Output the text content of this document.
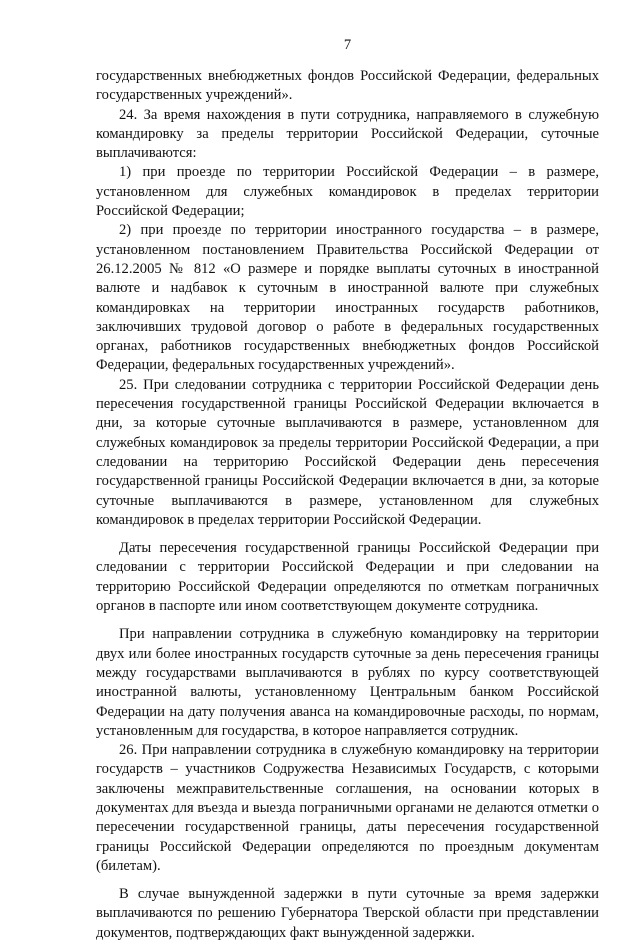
7

государственных внебюджетных фондов Российской Федерации, федеральных государственных учреждений».

24. За время нахождения в пути сотрудника, направляемого в служебную командировку за пределы территории Российской Федерации, суточные выплачиваются:

1) при проезде по территории Российской Федерации – в размере, установленном для служебных командировок в пределах территории Российской Федерации;

2) при проезде по территории иностранного государства – в размере, установленном постановлением Правительства Российской Федерации от 26.12.2005 № 812 «О размере и порядке выплаты суточных в иностранной валюте и надбавок к суточным в иностранной валюте при служебных командировках на территории иностранных государств работников, заключивших трудовой договор о работе в федеральных государственных органах, работников государственных внебюджетных фондов Российской Федерации, федеральных государственных учреждений».

25. При следовании сотрудника с территории Российской Федерации день пересечения государственной границы Российской Федерации включается в дни, за которые суточные выплачиваются в размере, установленном для служебных командировок за пределы территории Российской Федерации, а при следовании на территорию Российской Федерации день пересечения государственной границы Российской Федерации включается в дни, за которые суточные выплачиваются в размере, установленном для служебных командировок в пределах территории Российской Федерации.

Даты пересечения государственной границы Российской Федерации при следовании с территории Российской Федерации и при следовании на территорию Российской Федерации определяются по отметкам пограничных органов в паспорте или ином соответствующем документе сотрудника.

При направлении сотрудника в служебную командировку на территории двух или более иностранных государств суточные за день пересечения границы между государствами выплачиваются в рублях по курсу соответствующей иностранной валюты, установленному Центральным банком Российской Федерации на дату получения аванса на командировочные расходы, по нормам, установленным для государства, в которое направляется сотрудник.

26. При направлении сотрудника в служебную командировку на территории государств – участников Содружества Независимых Государств, с которыми заключены межправительственные соглашения, на основании которых в документах для въезда и выезда пограничными органами не делаются отметки о пересечении государственной границы, даты пересечения государственной границы Российской Федерации определяются по проездным документам (билетам).

В случае вынужденной задержки в пути суточные за время задержки выплачиваются по решению Губернатора Тверской области при представлении документов, подтверждающих факт вынужденной задержки.
